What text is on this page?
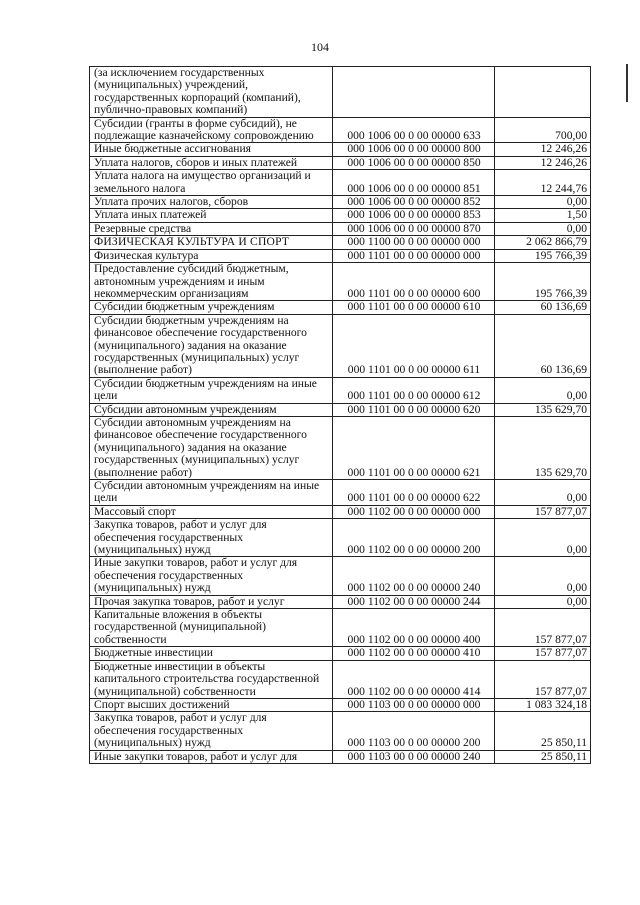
104
(за исключением государственных (муниципальных) учреждений, государственных корпораций (компаний), публично-правовых компаний)		
Субсидии (гранты в форме субсидий), не подлежащие казначейскому сопровождению	000 1006 00 0 00 00000 633	700,00
Иные бюджетные ассигнования	000 1006 00 0 00 00000 800	12 246,26
Уплата налогов, сборов и иных платежей	000 1006 00 0 00 00000 850	12 246,26
Уплата налога на имущество организаций и земельного налога	000 1006 00 0 00 00000 851	12 244,76
Уплата прочих налогов, сборов	000 1006 00 0 00 00000 852	0,00
Уплата иных платежей	000 1006 00 0 00 00000 853	1,50
Резервные средства	000 1006 00 0 00 00000 870	0,00
ФИЗИЧЕСКАЯ КУЛЬТУРА И СПОРТ	000 1100 00 0 00 00000 000	2 062 866,79
Физическая культура	000 1101 00 0 00 00000 000	195 766,39
Предоставление субсидий бюджетным, автономным учреждениям и иным некоммерческим организациям	000 1101 00 0 00 00000 600	195 766,39
Субсидии бюджетным учреждениям	000 1101 00 0 00 00000 610	60 136,69
Субсидии бюджетным учреждениям на финансовое обеспечение государственного (муниципального) задания на оказание государственных (муниципальных) услуг (выполнение работ)	000 1101 00 0 00 00000 611	60 136,69
Субсидии бюджетным учреждениям на иные цели	000 1101 00 0 00 00000 612	0,00
Субсидии автономным учреждениям	000 1101 00 0 00 00000 620	135 629,70
Субсидии автономным учреждениям на финансовое обеспечение государственного (муниципального) задания на оказание государственных (муниципальных) услуг (выполнение работ)	000 1101 00 0 00 00000 621	135 629,70
Субсидии автономным учреждениям на иные цели	000 1101 00 0 00 00000 622	0,00
Массовый спорт	000 1102 00 0 00 00000 000	157 877,07
Закупка товаров, работ и услуг для обеспечения государственных (муниципальных) нужд	000 1102 00 0 00 00000 200	0,00
Иные закупки товаров, работ и услуг для обеспечения государственных (муниципальных) нужд	000 1102 00 0 00 00000 240	0,00
Прочая закупка товаров, работ и услуг	000 1102 00 0 00 00000 244	0,00
Капитальные вложения в объекты государственной (муниципальной) собственности	000 1102 00 0 00 00000 400	157 877,07
Бюджетные инвестиции	000 1102 00 0 00 00000 410	157 877,07
Бюджетные инвестиции в объекты капитального строительства государственной (муниципальной) собственности	000 1102 00 0 00 00000 414	157 877,07
Спорт высших достижений	000 1103 00 0 00 00000 000	1 083 324,18
Закупка товаров, работ и услуг для обеспечения государственных (муниципальных) нужд	000 1103 00 0 00 00000 200	25 850,11
Иные закупки товаров, работ и услуг для	000 1103 00 0 00 00000 240	25 850,11
